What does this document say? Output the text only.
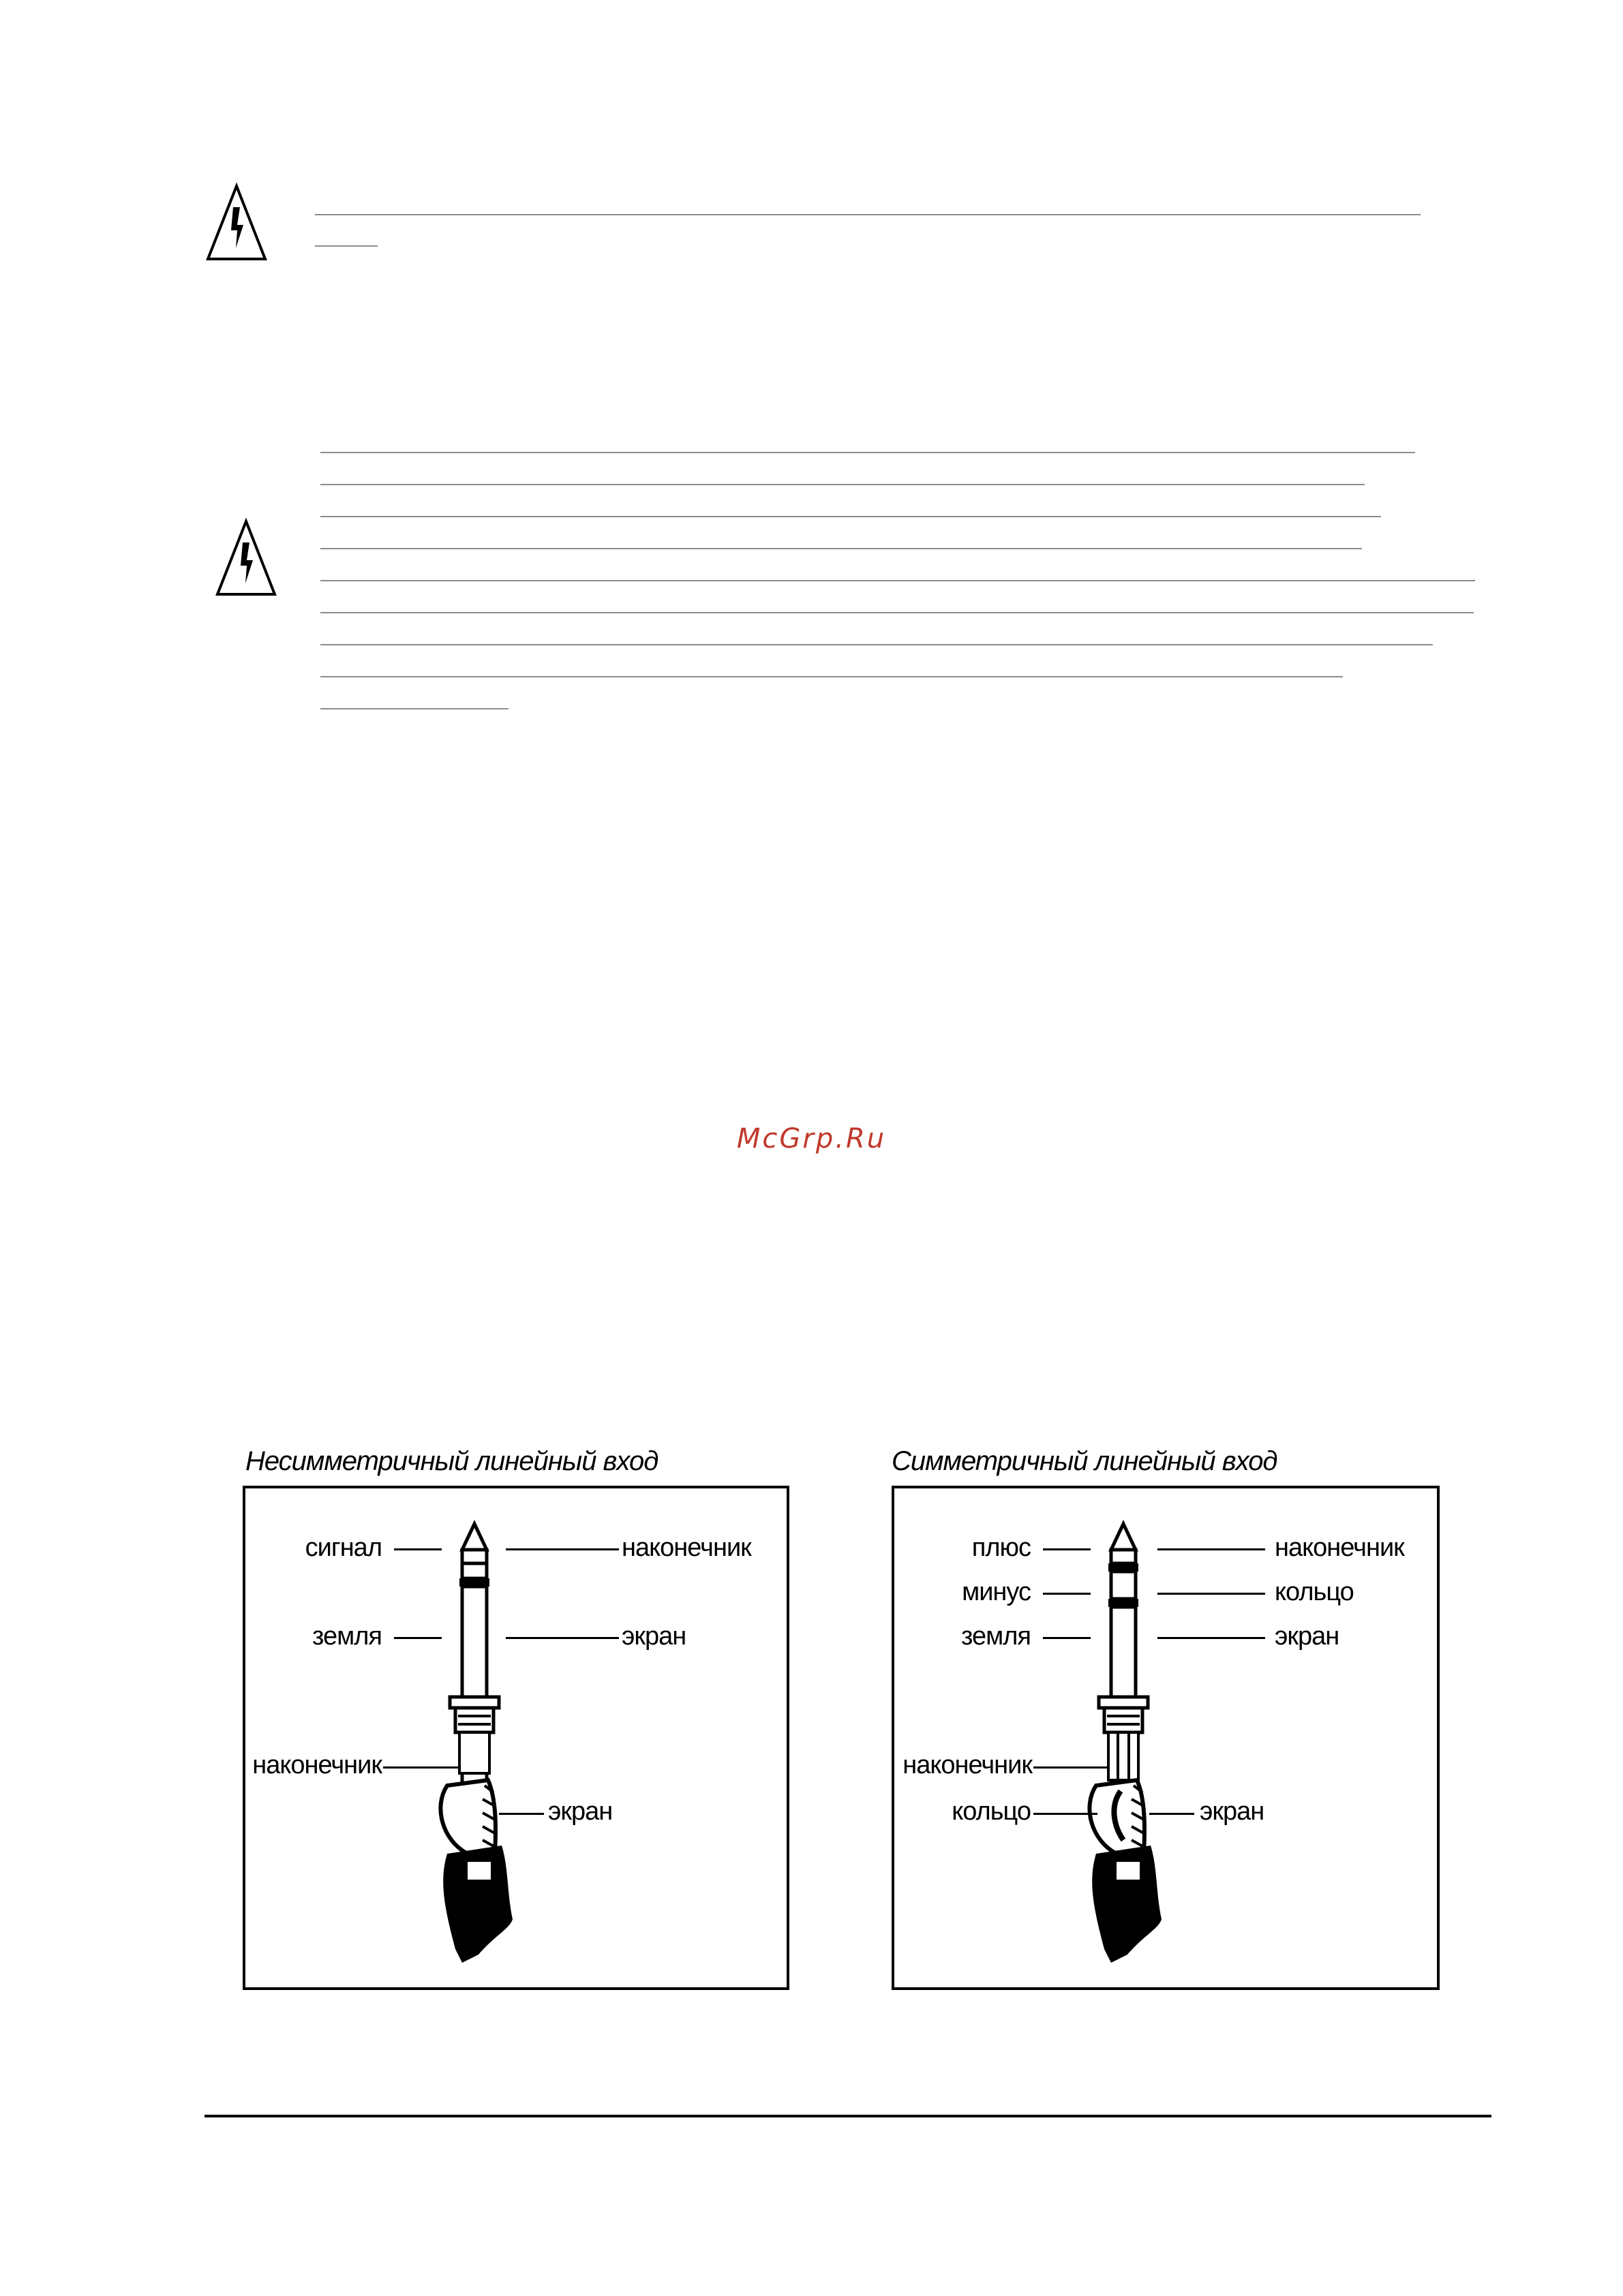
McGrp.Ru
Несимметричный линейный вход
сигнал
земля
наконечник
наконечник
экран
экран
Симметричный линейный вход
плюс
минус
земля
наконечник
кольцо
наконечник
кольцо
экран
экран
